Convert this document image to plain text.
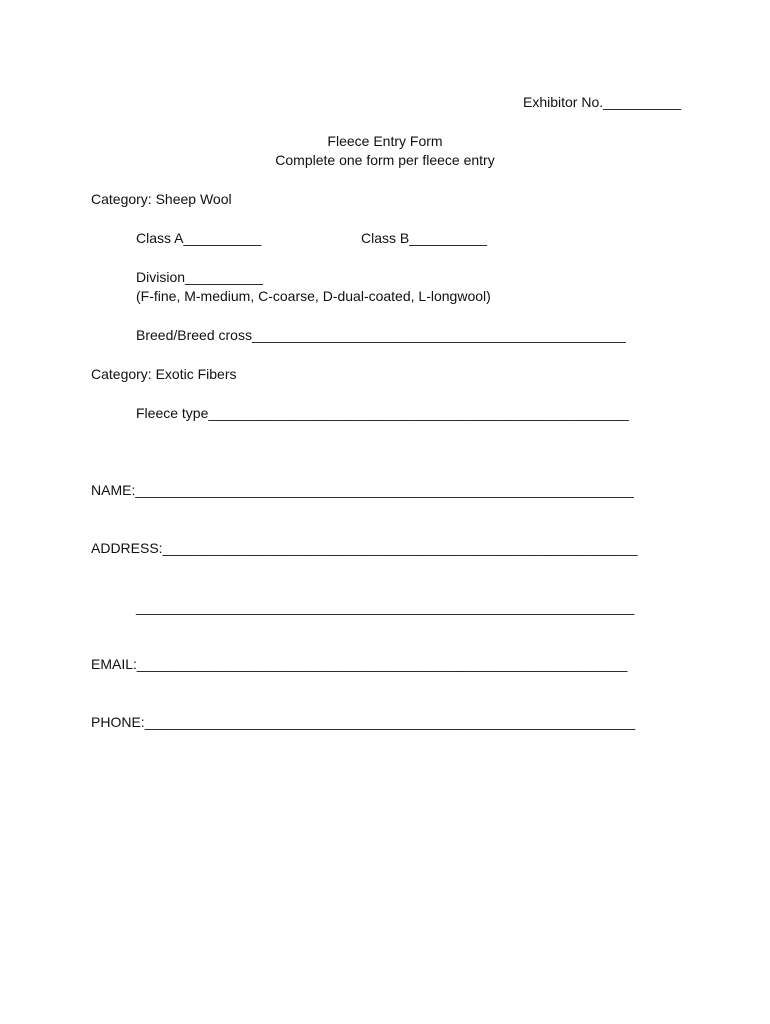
Exhibitor No.__________
Fleece Entry Form
Complete one form per fleece entry
Category: Sheep Wool
Class A__________	Class B__________
Division__________
(F-fine, M-medium, C-coarse, D-dual-coated, L-longwool)
Breed/Breed cross________________________________________________
Category: Exotic Fibers
Fleece type______________________________________________________
NAME:________________________________________________________________
ADDRESS:_____________________________________________________________
________________________________________________________________
EMAIL:_______________________________________________________________
PHONE:_______________________________________________________________
